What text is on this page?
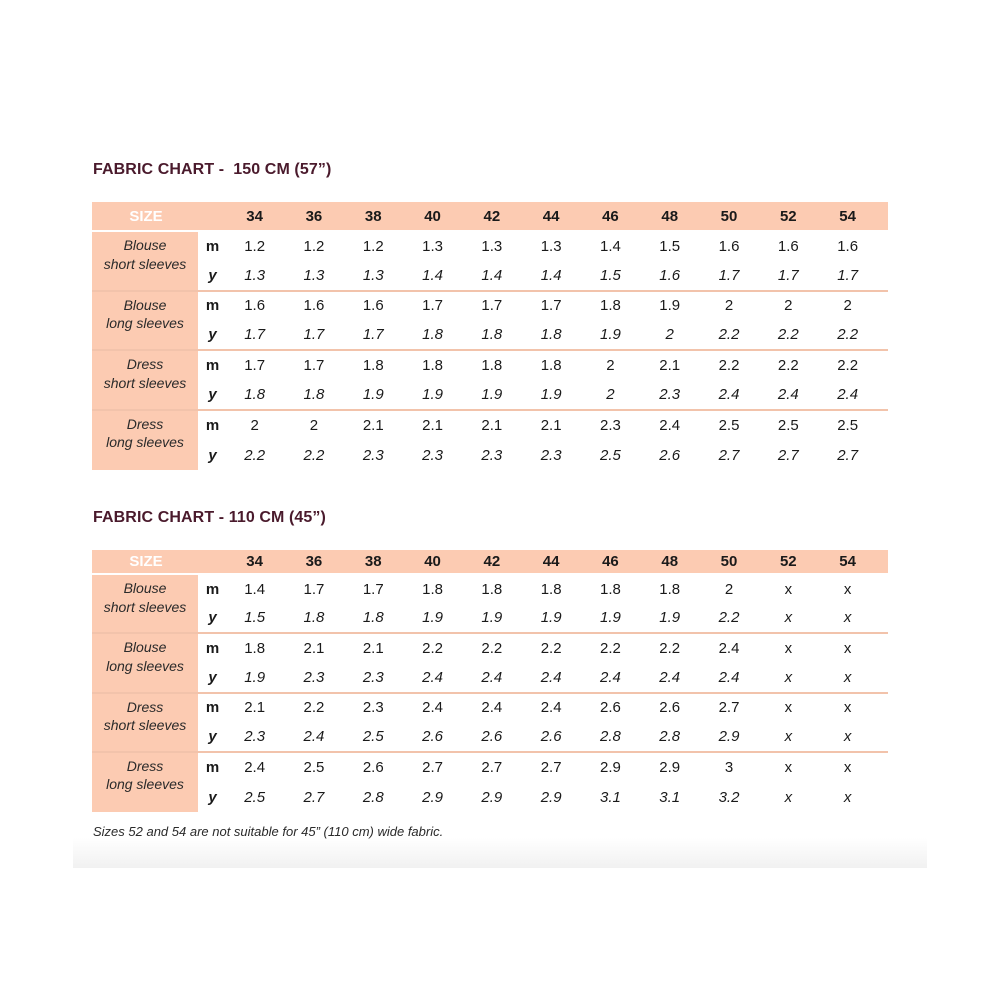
FABRIC CHART -  150 CM (57”)
SIZE	34	36	38	40	42	44	46	48	50	52	54
Blouse
short sleeves
m	1.2	1.2	1.2	1.3	1.3	1.3	1.4	1.5	1.6	1.6	1.6
y	1.3	1.3	1.3	1.4	1.4	1.4	1.5	1.6	1.7	1.7	1.7
Blouse
long sleeves
m	1.6	1.6	1.6	1.7	1.7	1.7	1.8	1.9	2	2	2
y	1.7	1.7	1.7	1.8	1.8	1.8	1.9	2	2.2	2.2	2.2
Dress
short sleeves
m	1.7	1.7	1.8	1.8	1.8	1.8	2	2.1	2.2	2.2	2.2
y	1.8	1.8	1.9	1.9	1.9	1.9	2	2.3	2.4	2.4	2.4
Dress
long sleeves
m	2	2	2.1	2.1	2.1	2.1	2.3	2.4	2.5	2.5	2.5
y	2.2	2.2	2.3	2.3	2.3	2.3	2.5	2.6	2.7	2.7	2.7
FABRIC CHART - 110 CM (45”)
SIZE	34	36	38	40	42	44	46	48	50	52	54
Blouse
short sleeves
m	1.4	1.7	1.7	1.8	1.8	1.8	1.8	1.8	2	x	x
y	1.5	1.8	1.8	1.9	1.9	1.9	1.9	1.9	2.2	x	x
Blouse
long sleeves
m	1.8	2.1	2.1	2.2	2.2	2.2	2.2	2.2	2.4	x	x
y	1.9	2.3	2.3	2.4	2.4	2.4	2.4	2.4	2.4	x	x
Dress
short sleeves
m	2.1	2.2	2.3	2.4	2.4	2.4	2.6	2.6	2.7	x	x
y	2.3	2.4	2.5	2.6	2.6	2.6	2.8	2.8	2.9	x	x
Dress
long sleeves
m	2.4	2.5	2.6	2.7	2.7	2.7	2.9	2.9	3	x	x
y	2.5	2.7	2.8	2.9	2.9	2.9	3.1	3.1	3.2	x	x

Sizes 52 and 54 are not suitable for 45” (110 cm) wide fabric.
